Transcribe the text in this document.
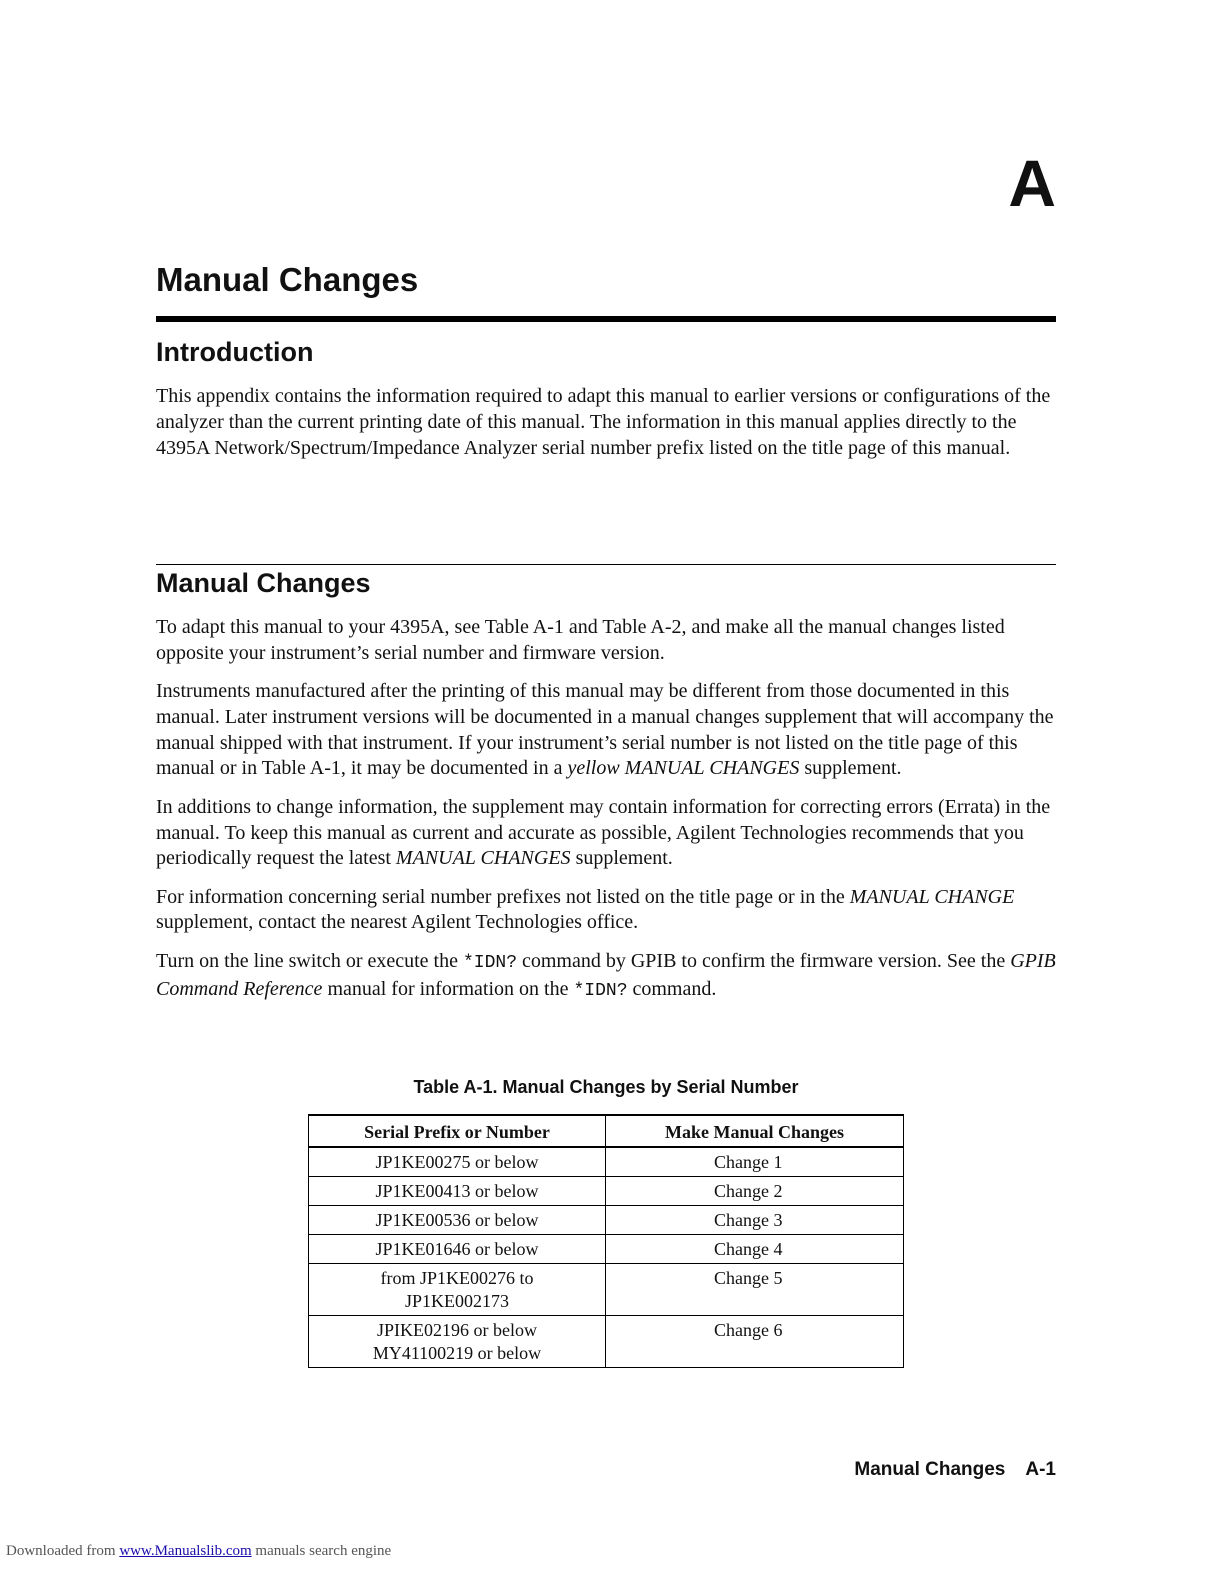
A
Manual Changes
Introduction

This appendix contains the information required to adapt this manual to earlier versions or configurations of the analyzer than the current printing date of this manual. The information in this manual applies directly to the 4395A Network/Spectrum/Impedance Analyzer serial number prefix listed on the title page of this manual.

Manual Changes

To adapt this manual to your 4395A, see Table A-1 and Table A-2, and make all the manual changes listed opposite your instrument’s serial number and firmware version.

Instruments manufactured after the printing of this manual may be different from those documented in this manual. Later instrument versions will be documented in a manual changes supplement that will accompany the manual shipped with that instrument. If your instrument’s serial number is not listed on the title page of this manual or in Table A-1, it may be documented in a yellow MANUAL CHANGES supplement.

In additions to change information, the supplement may contain information for correcting errors (Errata) in the manual. To keep this manual as current and accurate as possible, Agilent Technologies recommends that you periodically request the latest MANUAL CHANGES supplement.

For information concerning serial number prefixes not listed on the title page or in the MANUAL CHANGE supplement, contact the nearest Agilent Technologies office.

Turn on the line switch or execute the *IDN? command by GPIB to confirm the firmware version. See the GPIB Command Reference manual for information on the *IDN? command.

Table A-1. Manual Changes by Serial Number
Serial Prefix or Number	Make Manual Changes
JP1KE00275 or below	Change 1
JP1KE00413 or below	Change 2
JP1KE00536 or below	Change 3
JP1KE01646 or below	Change 4
from JP1KE00276 to
JP1KE002173	Change 5
JPIKE02196 or below
MY41100219 or below	Change 6
Manual Changes A-1
Downloaded from www.Manualslib.com manuals search engine
